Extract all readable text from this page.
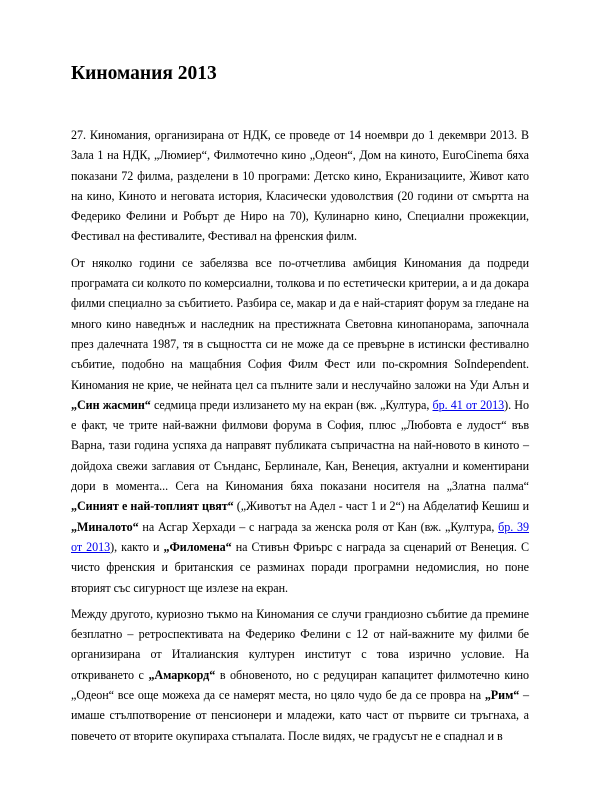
Киномания 2013

27. Киномания, организирана от НДК, се проведе от 14 ноември до 1 декември 2013. В Зала 1 на НДК, „Люмиер“, Филмотечно кино „Одеон“, Дом на киното, EuroCinema бяха показани 72 филма, разделени в 10 програми: Детско кино, Екранизациите, Живот като на кино, Киното и неговата история, Класически удоволствия (20 години от смъртта на Федерико Фелини и Робърт де Ниро на 70), Кулинарно кино, Специални прожекции, Фестивал на фестивалите, Фестивал на френския филм.

От няколко години се забелязва все по-отчетлива амбиция Киномания да подреди програмата си колкото по комерсиални, толкова и по естетически критерии, а и да докара филми специално за събитието. Разбира се, макар и да е най-старият форум за гледане на много кино наведнъж и наследник на престижната Световна кинопанорама, започнала през далечната 1987, тя в същността си не може да се превърне в истински фестивално събитие, подобно на мащабния София Филм Фест или по-скромния SoIndependent. Киномания не крие, че нейната цел са пълните зали и неслучайно заложи на Уди Алън и „Син жасмин“ седмица преди излизането му на екран (вж. „Култура, бр. 41 от 2013). Но е факт, че трите най-важни филмови форума в София, плюс „Любовта е лудост“ във Варна, тази година успяха да направят публиката съпричастна на най-новото в киното – дойдоха свежи заглавия от Сънданс, Берлинале, Кан, Венеция, актуални и коментирани дори в момента... Сега на Киномания бяха показани носителя на „Златна палма“ „Синият е най-топлият цвят“ („Животът на Адел - част 1 и 2“) на Абделатиф Кешиш и „Миналото“ на Асгар Херхади – с награда за женска роля от Кан (вж. „Култура, бр. 39 от 2013), както и „Филомена“ на Стивън Фриърс с награда за сценарий от Венеция. С чисто френския и британския се разминах поради програмни недомислия, но поне вторият със сигурност ще излезе на екран.

Между другото, куриозно тъкмо на Киномания се случи грандиозно събитие да премине безплатно – ретроспективата на Федерико Фелини с 12 от най-важните му филми бе организирана от Италианския културен институт с това изрично условие. На откриването с „Амаркорд“ в обновеното, но с редуциран капацитет филмотечно кино „Одеон“ все още можеха да се намерят места, но цяло чудо бе да се провра на „Рим“ – имаше стълпотворение от пенсионери и младежи, като част от първите си тръгнаха, а повечето от вторите окупираха стъпалата. После видях, че градусът не е спаднал и в
